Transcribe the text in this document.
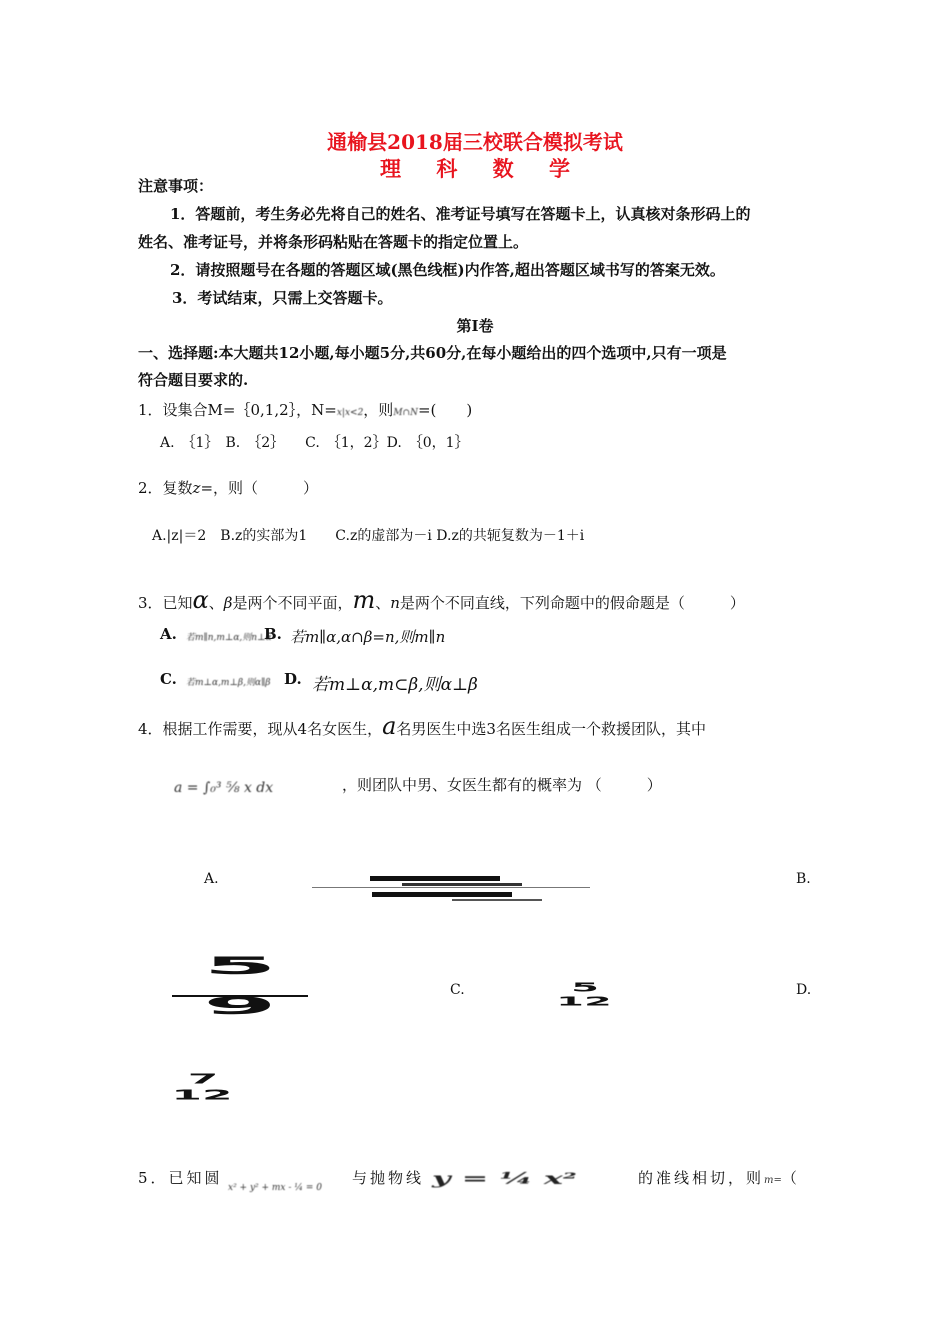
通榆县2018届三校联合模拟考试
理 科 数 学
注意事项：
1．答题前，考生务必先将自己的姓名、准考证号填写在答题卡上，认真核对条形码上的
姓名、准考证号，并将条形码粘贴在答题卡的指定位置上。
2．请按照题号在各题的答题区域(黑色线框)内作答,超出答题区域书写的答案无效。
3．考试结束，只需上交答题卡。
第Ⅰ卷
一、选择题:本大题共12小题,每小题5分,共60分,在每小题给出的四个选项中,只有一项是
符合题目要求的.
1．设集合M=｛0,1,2｝，N=x|x<2，则M∩N=(　　)
A.　｛1｝　B.　｛2｝　　C.　｛1，2｝D.　｛0，1｝
2．复数z=，则（　　　）
A.|z|＝2　B.z的实部为1　　C.z的虚部为－i D.z的共轭复数为－1＋i
3．已知α、β是两个不同平面，m、n是两个不同直线，下列命题中的假命题是（　　　）
A. 若m∥n,m⊥α,则n⊥α
B. 若m∥α,α∩β=n,则m∥n
C. 若m⊥α,m⊥β,则α∥β D. 若m⊥α,m⊂β,则α⊥β
4．根据工作需要，现从4名女医生，a名男医生中选3名医生组成一个救援团队，其中
a = ∫₀³ ⅝ x dx	，则团队中男、女医生都有的概率为 （　　　）
A.	B.
5
9
C.	5
12
D.
7
12
5．已知圆
x² + y² + mx - ¼ = 0
与抛物线 y = ¼ x²	的准线相切，则m=（
